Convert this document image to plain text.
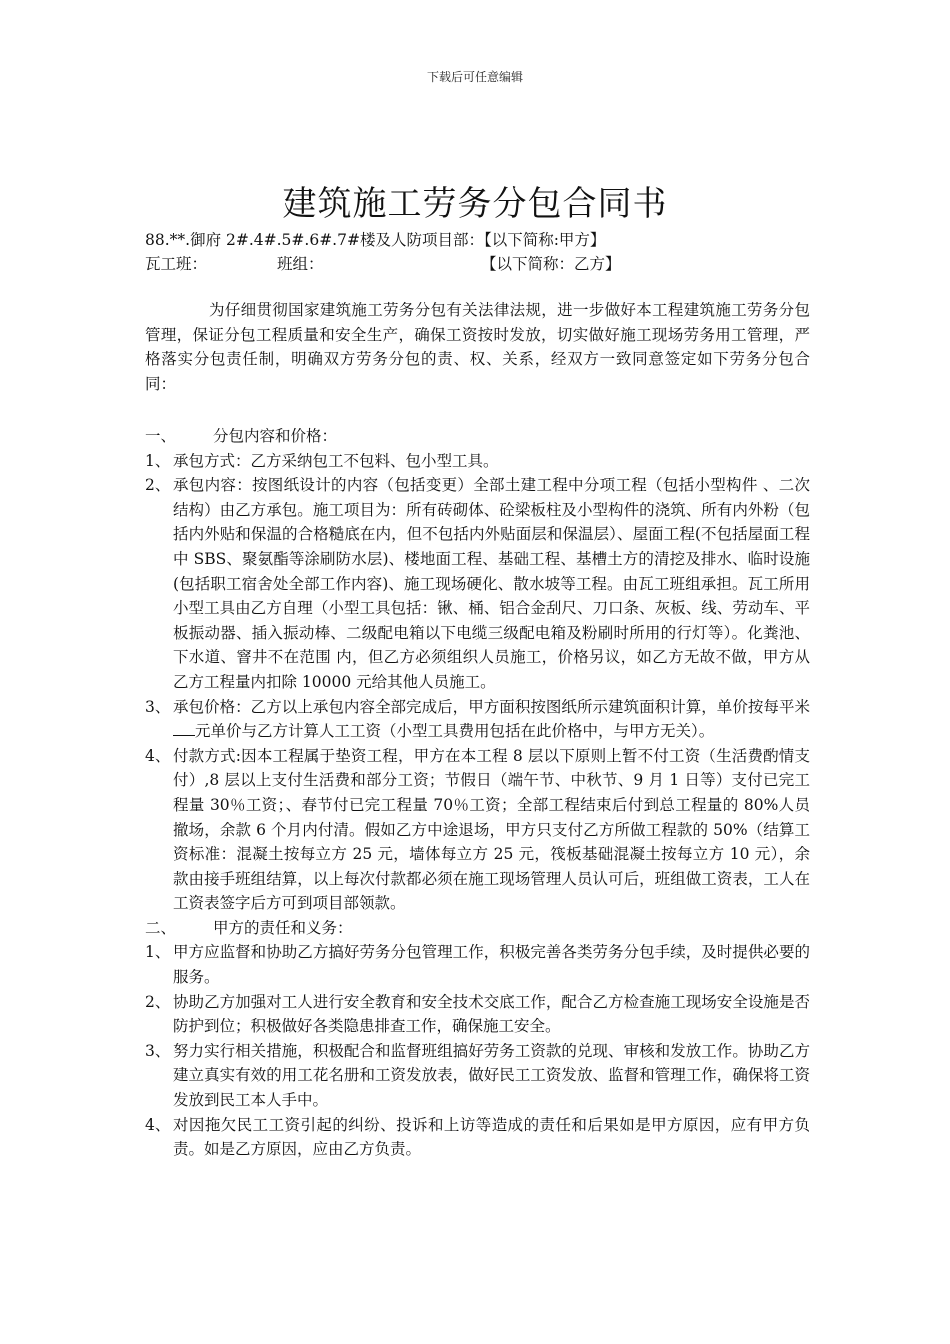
下载后可任意编辑
建筑施工劳务分包合同书
88.**.御府 2#.4#.5#.6#.7#楼及人防项目部：【以下简称:甲方】
瓦工班：	班组：	【以下简称：乙方】
为仔细贯彻国家建筑施工劳务分包有关法律法规，进一步做好本工程建筑施工劳务分包管理，保证分包工程质量和安全生产，确保工资按时发放，切实做好施工现场劳务用工管理，严格落实分包责任制，明确双方劳务分包的责、权、关系，经双方一致同意签定如下劳务分包合同：
一、	分包内容和价格：
1、 承包方式：乙方采纳包工不包料、包小型工具。
2、 承包内容：按图纸设计的内容（包括变更）全部土建工程中分项工程（包括小型构件 、二次结构）由乙方承包。施工项目为：所有砖砌体、砼梁板柱及小型构件的浇筑、所有内外粉（包括内外贴和保温的合格糙底在内，但不包括内外贴面层和保温层）、屋面工程(不包括屋面工程中 SBS、聚氨酯等涂刷防水层)、楼地面工程、基础工程、基槽土方的清挖及排水、临时设施(包括职工宿舍处全部工作内容)、施工现场硬化、散水坡等工程。由瓦工班组承担。瓦工所用小型工具由乙方自理（小型工具包括：锹、桶、铝合金刮尺、刀口条、灰板、线、劳动车、平板振动器、插入振动棒、二级配电箱以下电缆三级配电箱及粉刷时所用的行灯等）。化粪池、下水道、窨井不在范围 内，但乙方必须组织人员施工，价格另议，如乙方无故不做，甲方从乙方工程量内扣除 10000 元给其他人员施工。
3、 承包价格：乙方以上承包内容全部完成后，甲方面积按图纸所示建筑面积计算，单价按每平米元单价与乙方计算人工工资（小型工具费用包括在此价格中，与甲方无关）。
4、 付款方式:因本工程属于垫资工程，甲方在本工程 8 层以下原则上暂不付工资（生活费酌情支付）,8 层以上支付生活费和部分工资；节假日（端午节、中秋节、9 月 1 日等）支付已完工程量 30％工资；、春节付已完工程量 70％工资；全部工程结束后付到总工程量的 80%人员撤场，余款 6 个月内付清。假如乙方中途退场，甲方只支付乙方所做工程款的 50%（结算工资标准：混凝土按每立方 25 元，墙体每立方 25 元，筏板基础混凝土按每立方 10 元），余款由接手班组结算，以上每次付款都必须在施工现场管理人员认可后，班组做工资表，工人在工资表签字后方可到项目部领款。
二、	甲方的责任和义务：
1、 甲方应监督和协助乙方搞好劳务分包管理工作，积极完善各类劳务分包手续，及时提供必要的服务。
2、 协助乙方加强对工人进行安全教育和安全技术交底工作，配合乙方检查施工现场安全设施是否防护到位；积极做好各类隐患排查工作，确保施工安全。
3、 努力实行相关措施，积极配合和监督班组搞好劳务工资款的兑现、审核和发放工作。协助乙方建立真实有效的用工花名册和工资发放表，做好民工工资发放、监督和管理工作，确保将工资发放到民工本人手中。
4、 对因拖欠民工工资引起的纠纷、投诉和上访等造成的责任和后果如是甲方原因，应有甲方负责。如是乙方原因，应由乙方负责。
